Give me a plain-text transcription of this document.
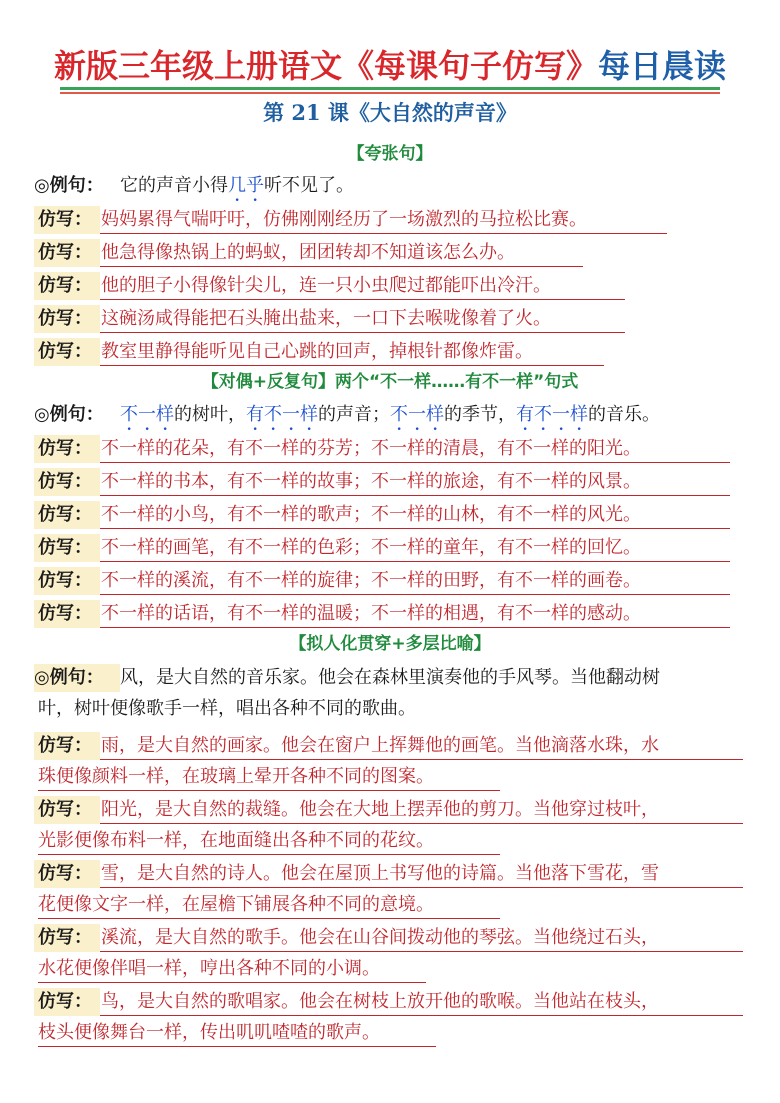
新版三年级上册语文《每课句子仿写》每日晨读
第 21 课《大自然的声音》
【夸张句】
◎例句： 它的声音小得几乎听不见了。
仿写： 妈妈累得气喘吁吁，仿佛刚刚经历了一场激烈的马拉松比赛。
仿写： 他急得像热锅上的蚂蚁，团团转却不知道该怎么办。
仿写： 他的胆子小得像针尖儿，连一只小虫爬过都能吓出冷汗。
仿写： 这碗汤咸得能把石头腌出盐来，一口下去喉咙像着了火。
仿写： 教室里静得能听见自己心跳的回声，掉根针都像炸雷。
【对偶+反复句】两个“不一样……有不一样”句式
◎例句： 不一样的树叶，有不一样的声音；不一样的季节，有不一样的音乐。
仿写： 不一样的花朵，有不一样的芬芳；不一样的清晨，有不一样的阳光。
仿写： 不一样的书本，有不一样的故事；不一样的旅途，有不一样的风景。
仿写： 不一样的小鸟，有不一样的歌声；不一样的山林，有不一样的风光。
仿写： 不一样的画笔，有不一样的色彩；不一样的童年，有不一样的回忆。
仿写： 不一样的溪流，有不一样的旋律；不一样的田野，有不一样的画卷。
仿写： 不一样的话语，有不一样的温暖；不一样的相遇，有不一样的感动。
【拟人化贯穿+多层比喻】
◎例句： 风，是大自然的音乐家。他会在森林里演奏他的手风琴。当他翻动树
叶，树叶便像歌手一样，唱出各种不同的歌曲。
仿写： 雨，是大自然的画家。他会在窗户上挥舞他的画笔。当他滴落水珠，水
珠便像颜料一样，在玻璃上晕开各种不同的图案。
仿写： 阳光，是大自然的裁缝。他会在大地上摆弄他的剪刀。当他穿过枝叶，
光影便像布料一样，在地面缝出各种不同的花纹。
仿写： 雪，是大自然的诗人。他会在屋顶上书写他的诗篇。当他落下雪花，雪
花便像文字一样，在屋檐下铺展各种不同的意境。
仿写： 溪流，是大自然的歌手。他会在山谷间拨动他的琴弦。当他绕过石头，
水花便像伴唱一样，哼出各种不同的小调。
仿写： 鸟，是大自然的歌唱家。他会在树枝上放开他的歌喉。当他站在枝头，
枝头便像舞台一样，传出叽叽喳喳的歌声。
